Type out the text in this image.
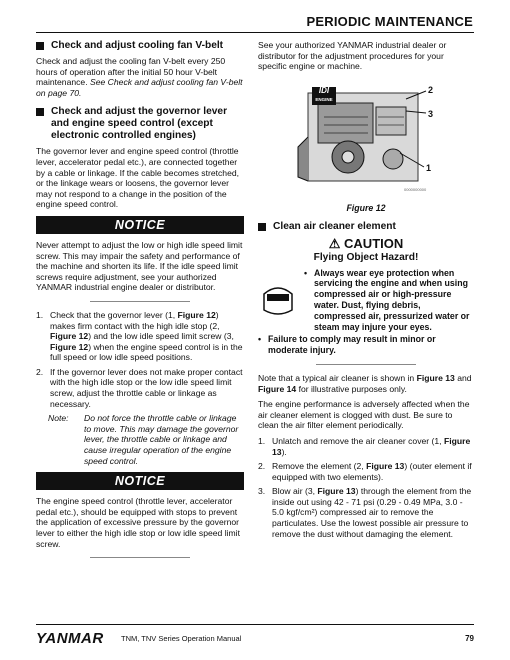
PERIODIC MAINTENANCE
Check and adjust cooling fan V-belt

Check and adjust the cooling fan V-belt every 250 hours of operation after the initial 50 hour V-belt maintenance. See Check and adjust cooling fan V-belt on page 70.

Check and adjust the governor lever and engine speed control (except electronic controlled engines)

The governor lever and engine speed control (throttle lever, accelerator pedal etc.), are connected together by a cable or linkage. If the cable becomes stretched, or the linkage wears or loosens, the governor lever may not respond to a change in the position of the engine speed control.

NOTICE

Never attempt to adjust the low or high idle speed limit screw. This may impair the safety and performance of the machine and shorten its life. If the idle speed limit screws require adjustment, see your authorized YANMAR industrial engine dealer or distributor.

1. Check that the governor lever (1, Figure 12) makes firm contact with the high idle stop (2, Figure 12) and the low idle speed limit screw (3, Figure 12) when the engine speed control is in the full speed or low idle speed positions.
2. If the governor lever does not make proper contact with the high idle stop or the low idle speed limit screw, adjust the throttle cable or linkage as necessary.
Note:	Do not force the throttle cable or linkage to move. This may damage the governor lever, the throttle cable or linkage and cause irregular operation of the engine speed control.
NOTICE

The engine speed control (throttle lever, accelerator pedal etc.), should be equipped with stops to prevent the application of excessive pressure by the governor lever to either the high idle stop or low idle speed limit screw.

See your authorized YANMAR industrial dealer or distributor for the adjustment procedures for your specific engine or machine.

IDI
ENGINE
2
3
1
0000000000
Figure 12
Clean air cleaner element
⚠ CAUTION
Flying Object Hazard!
• Always wear eye protection when servicing the engine and when using compressed air or high-pressure water. Dust, flying debris, compressed air, pressurized water or steam may injure your eyes.
• Failure to comply may result in minor or moderate injury.

Note that a typical air cleaner is shown in Figure 13 and Figure 14 for illustrative purposes only.

The engine performance is adversely affected when the air cleaner element is clogged with dust. Be sure to clean the air filter element periodically.

1. Unlatch and remove the air cleaner cover (1, Figure 13).
2. Remove the element (2, Figure 13) (outer element if equipped with two elements).
3. Blow air (3, Figure 13) through the element from the inside out using 42 - 71 psi (0.29 - 0.49 MPa, 3.0 - 5.0 kgf/cm²) compressed air to remove the particulates. Use the lowest possible air pressure to remove the dust without damaging the element.
YANMAR TNM, TNV Series Operation Manual	79
